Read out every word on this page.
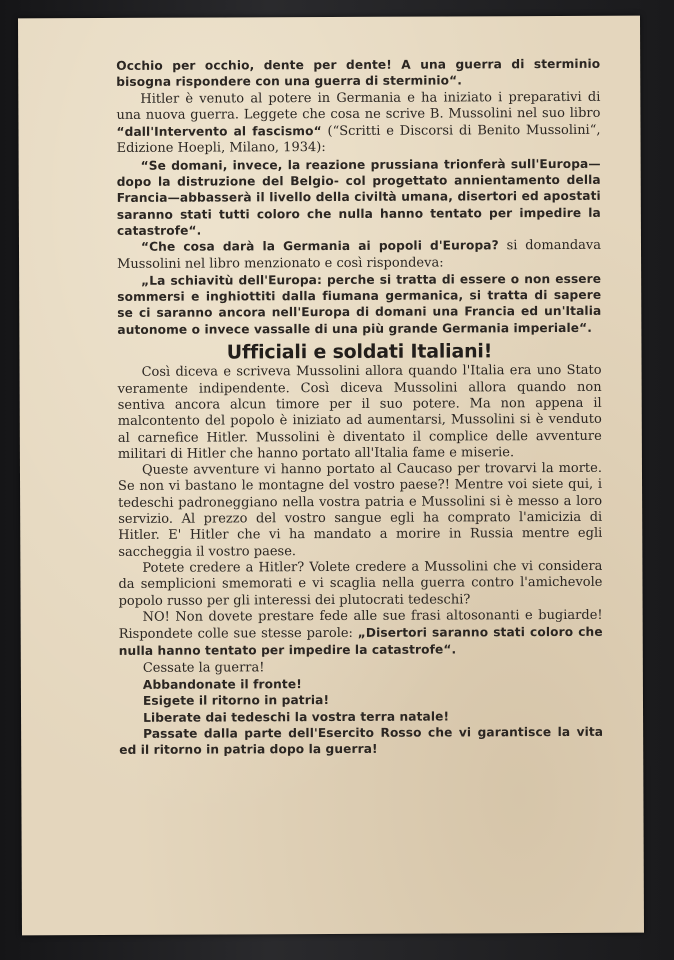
Occhio per occhio, dente per dente! A una guerra di sterminio bisogna rispondere con una guerra di sterminio“.

Hitler è venuto al potere in Germania e ha iniziato i preparativi di una nuova guerra. Leggete che cosa ne scrive B. Mussolini nel suo libro “dall'Intervento al fascismo“ (“Scritti e Discorsi di Benito Mussolini“, Edizione Hoepli, Milano, 1934):

“Se domani, invece, la reazione prussiana trionferà sull'Europa—dopo la distruzione del Belgio- col progettato annientamento della Francia—abbasserà il livello della civiltà umana, disertori ed apostati saranno stati tutti coloro che nulla hanno tentato per impedire la catastrofe“.

“Che cosa darà la Germania ai popoli d'Europa? si domandava Mussolini nel libro menzionato e così rispondeva:

„La schiavitù dell'Europa: perche si tratta di essere o non essere sommersi e inghiottiti dalla fiumana germanica, si tratta di sapere se ci saranno ancora nell'Europa di domani una Francia ed un'Italia autonome o invece vassalle di una più grande Germania imperiale“.

Ufficiali e soldati Italiani!

Così diceva e scriveva Mussolini allora quando l'Italia era uno Stato veramente indipendente. Così diceva Mussolini allora quando non sentiva ancora alcun timore per il suo potere. Ma non appena il malcontento del popolo è iniziato ad aumentarsi, Mussolini si è venduto al carnefice Hitler. Mussolini è diventato il complice delle avventure militari di Hitler che hanno portato all'Italia fame e miserie.

Queste avventure vi hanno portato al Caucaso per trovarvi la morte. Se non vi bastano le montagne del vostro paese?! Mentre voi siete qui, i tedeschi padroneggiano nella vostra patria e Mussolini si è messo a loro servizio. Al prezzo del vostro sangue egli ha comprato l'amicizia di Hitler. E' Hitler che vi ha mandato a morire in Russia mentre egli saccheggia il vostro paese.

Potete credere a Hitler? Volete credere a Mussolini che vi considera da semplicioni smemorati e vi scaglia nella guerra contro l'amichevole popolo russo per gli interessi dei plutocrati tedeschi?

NO! Non dovete prestare fede alle sue frasi altosonanti e bugiarde! Rispondete colle sue stesse parole: „Disertori saranno stati coloro che nulla hanno tentato per impedire la catastrofe“.

Cessate la guerra!

Abbandonate il fronte!

Esigete il ritorno in patria!

Liberate dai tedeschi la vostra terra natale!

Passate dalla parte dell'Esercito Rosso che vi garantisce la vita ed il ritorno in patria dopo la guerra!
